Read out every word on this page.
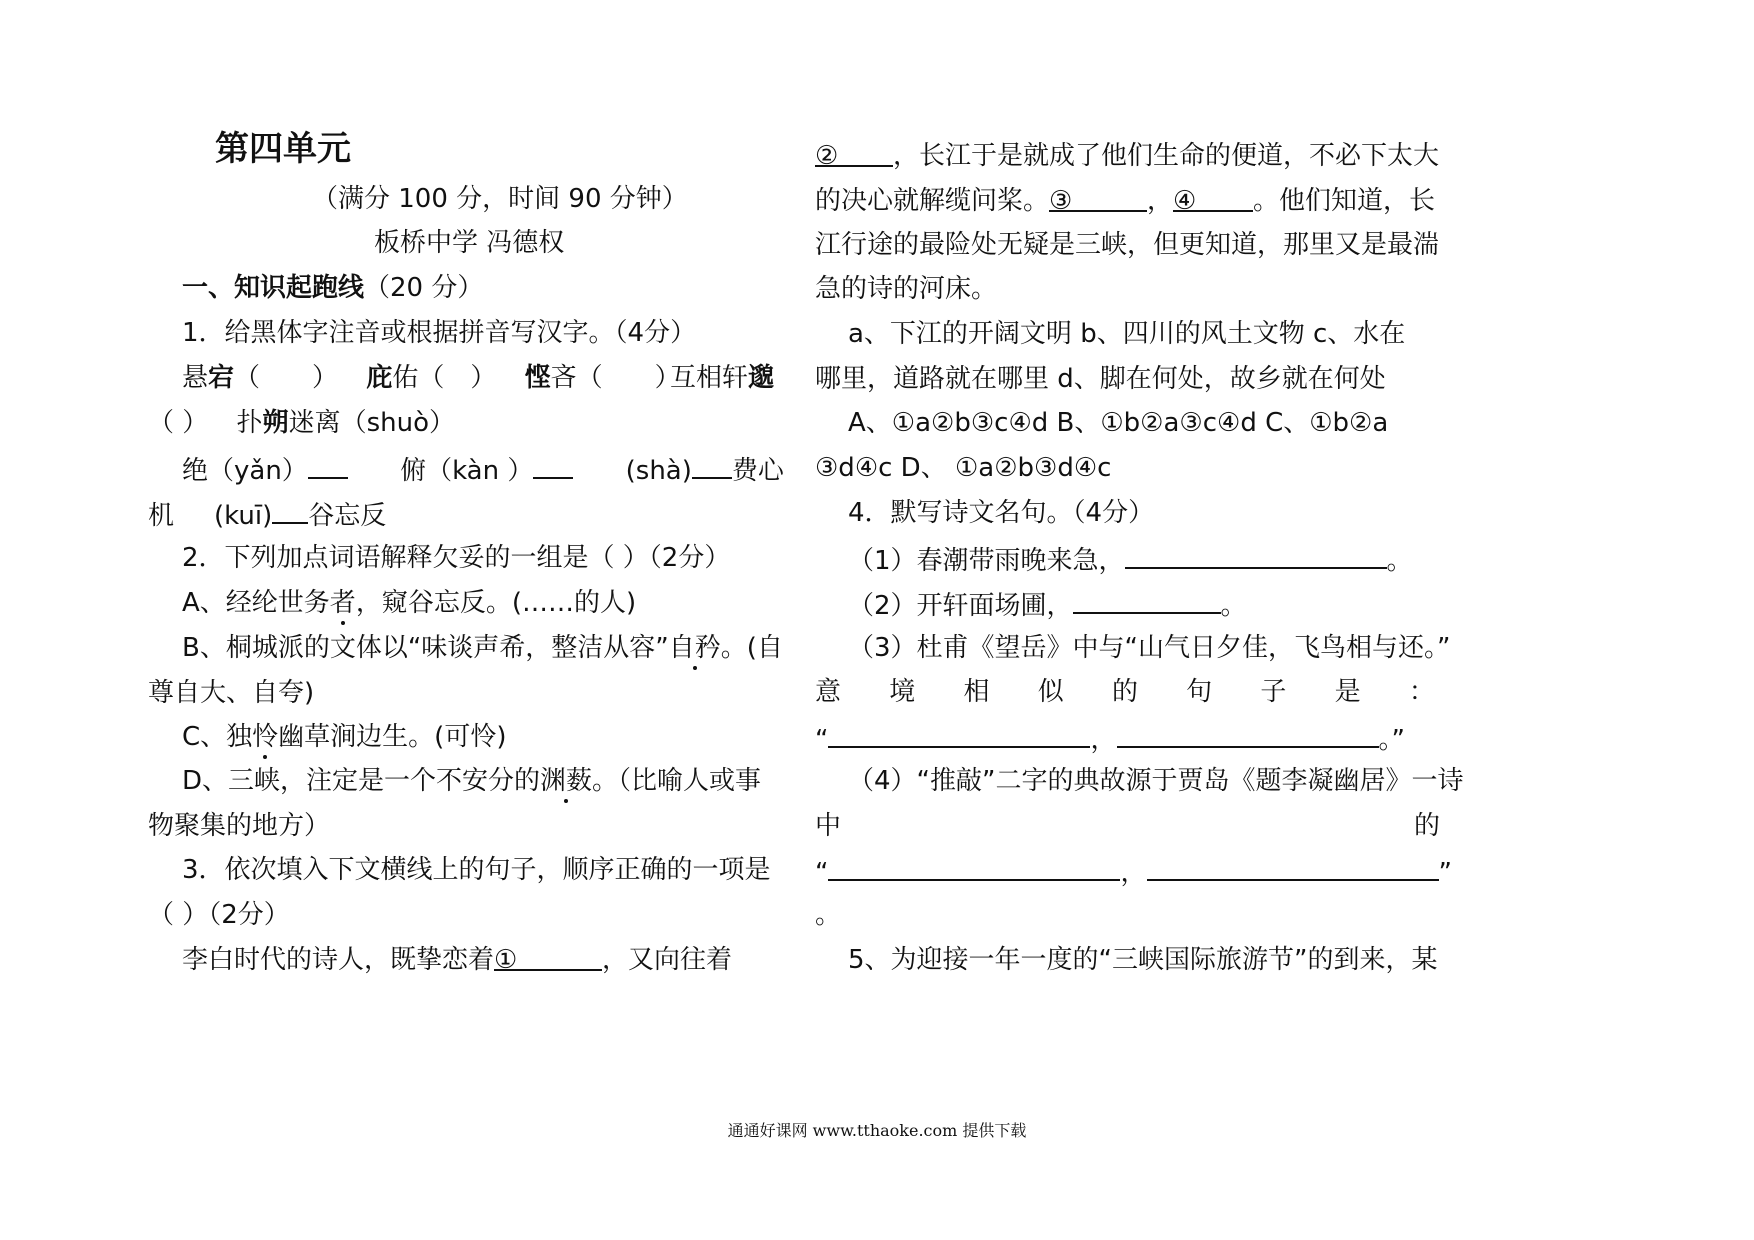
第四单元
（满分 100 分，时间 90 分钟）
板桥中学 冯德权
一、知识起跑线（20 分）
1．给黑体字注音或根据拼音写汉字。（4分）
悬宕（　　） 庇佑（　） 悭吝（　　）
互相轩邈
（ ） 扑朔迷离（shuò）
绝（yǎn）	俯（kàn ）	(shà) 费心
机 (kuī) 谷忘反
2．下列加点词语解释欠妥的一组是（ ）（2分）
A、经纶世务者，窥谷忘反。(……的人)
B、桐城派的文体以“味谈声希，整洁从容”自矜。(自
尊自大、自夸)
C、独怜幽草涧边生。(可怜)
D、三峡，注定是一个不安分的渊薮。（比喻人或事
物聚集的地方）
3．依次填入下文横线上的句子，顺序正确的一项是
（ ）（2分）
李白时代的诗人，既挚恋着①	，又向往着
② ，长江于是就成了他们生命的便道，不必下太大
的决心就解缆问桨。③	，④ 。他们知道，长
江行途的最险处无疑是三峡，但更知道，那里又是最湍
急的诗的河床。
a、下江的开阔文明 b、四川的风土文物 c、水在
哪里，道路就在哪里 d、脚在何处，故乡就在何处
A、①a②b③c④d B、①b②a③c④d C、①b②a
③d④c D、 ①a②b③d④c
4．默写诗文名句。（4分）
（1）春潮带雨晚来急，	。
（2）开轩面场圃，	。
（3）杜甫《望岳》中与“山气日夕佳，飞鸟相与还。”
意 境 相 似 的 句 子 是 ：
“	，	。”
（4）“推敲”二字的典故源于贾岛《题李凝幽居》一诗
中	的
“	，	”
。
5、为迎接一年一度的“三峡国际旅游节”的到来，某
通通好课网 www.tthaoke.com 提供下载
